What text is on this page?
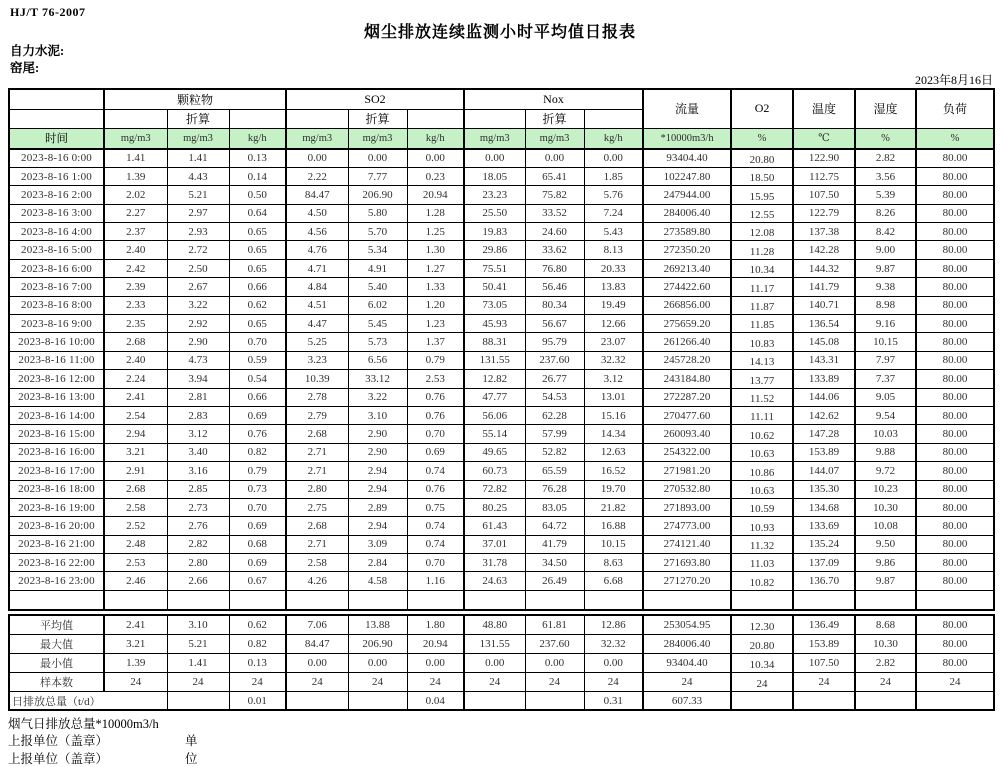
HJ/T 76-2007
烟尘排放连续监测小时平均值日报表
自力水泥:
窑尾:
2023年8月16日
	颗粒物			SO2			Nox			流量	O2	温度	湿度	负荷
		折算			折算			折算						
时间	mg/m3	mg/m3	kg/h	mg/m3	mg/m3	kg/h	mg/m3	mg/m3	kg/h	*10000m3/h	%	℃	%	%
2023-8-16 0:00	1.41	1.41	0.13	0.00	0.00	0.00	0.00	0.00	0.00	93404.40	20.80	122.90	2.82	80.00
2023-8-16 1:00	1.39	4.43	0.14	2.22	7.77	0.23	18.05	65.41	1.85	102247.80	18.50	112.75	3.56	80.00
2023-8-16 2:00	2.02	5.21	0.50	84.47	206.90	20.94	23.23	75.82	5.76	247944.00	15.95	107.50	5.39	80.00
2023-8-16 3:00	2.27	2.97	0.64	4.50	5.80	1.28	25.50	33.52	7.24	284006.40	12.55	122.79	8.26	80.00
2023-8-16 4:00	2.37	2.93	0.65	4.56	5.70	1.25	19.83	24.60	5.43	273589.80	12.08	137.38	8.42	80.00
2023-8-16 5:00	2.40	2.72	0.65	4.76	5.34	1.30	29.86	33.62	8.13	272350.20	11.28	142.28	9.00	80.00
2023-8-16 6:00	2.42	2.50	0.65	4.71	4.91	1.27	75.51	76.80	20.33	269213.40	10.34	144.32	9.87	80.00
2023-8-16 7:00	2.39	2.67	0.66	4.84	5.40	1.33	50.41	56.46	13.83	274422.60	11.17	141.79	9.38	80.00
2023-8-16 8:00	2.33	3.22	0.62	4.51	6.02	1.20	73.05	80.34	19.49	266856.00	11.87	140.71	8.98	80.00
2023-8-16 9:00	2.35	2.92	0.65	4.47	5.45	1.23	45.93	56.67	12.66	275659.20	11.85	136.54	9.16	80.00
2023-8-16 10:00	2.68	2.90	0.70	5.25	5.73	1.37	88.31	95.79	23.07	261266.40	10.83	145.08	10.15	80.00
2023-8-16 11:00	2.40	4.73	0.59	3.23	6.56	0.79	131.55	237.60	32.32	245728.20	14.13	143.31	7.97	80.00
2023-8-16 12:00	2.24	3.94	0.54	10.39	33.12	2.53	12.82	26.77	3.12	243184.80	13.77	133.89	7.37	80.00
2023-8-16 13:00	2.41	2.81	0.66	2.78	3.22	0.76	47.77	54.53	13.01	272287.20	11.52	144.06	9.05	80.00
2023-8-16 14:00	2.54	2.83	0.69	2.79	3.10	0.76	56.06	62.28	15.16	270477.60	11.11	142.62	9.54	80.00
2023-8-16 15:00	2.94	3.12	0.76	2.68	2.90	0.70	55.14	57.99	14.34	260093.40	10.62	147.28	10.03	80.00
2023-8-16 16:00	3.21	3.40	0.82	2.71	2.90	0.69	49.65	52.82	12.63	254322.00	10.63	153.89	9.88	80.00
2023-8-16 17:00	2.91	3.16	0.79	2.71	2.94	0.74	60.73	65.59	16.52	271981.20	10.86	144.07	9.72	80.00
2023-8-16 18:00	2.68	2.85	0.73	2.80	2.94	0.76	72.82	76.28	19.70	270532.80	10.63	135.30	10.23	80.00
2023-8-16 19:00	2.58	2.73	0.70	2.75	2.89	0.75	80.25	83.05	21.82	271893.00	10.59	134.68	10.30	80.00
2023-8-16 20:00	2.52	2.76	0.69	2.68	2.94	0.74	61.43	64.72	16.88	274773.00	10.93	133.69	10.08	80.00
2023-8-16 21:00	2.48	2.82	0.68	2.71	3.09	0.74	37.01	41.79	10.15	274121.40	11.32	135.24	9.50	80.00
2023-8-16 22:00	2.53	2.80	0.69	2.58	2.84	0.70	31.78	34.50	8.63	271693.80	11.03	137.09	9.86	80.00
2023-8-16 23:00	2.46	2.66	0.67	4.26	4.58	1.16	24.63	26.49	6.68	271270.20	10.82	136.70	9.87	80.00

平均值	2.41	3.10	0.62	7.06	13.88	1.80	48.80	61.81	12.86	253054.95	12.30	136.49	8.68	80.00
最大值	3.21	5.21	0.82	84.47	206.90	20.94	131.55	237.60	32.32	284006.40	20.80	153.89	10.30	80.00
最小值	1.39	1.41	0.13	0.00	0.00	0.00	0.00	0.00	0.00	93404.40	10.34	107.50	2.82	80.00
样本数	24	24	24	24	24	24	24	24	24	24	24	24	24	24
日排放总量（t/d）			0.01			0.04			0.31	607.33				
烟气日排放总量*10000m3/h
上报单位（盖章）	单位
上报单位（盖章）
